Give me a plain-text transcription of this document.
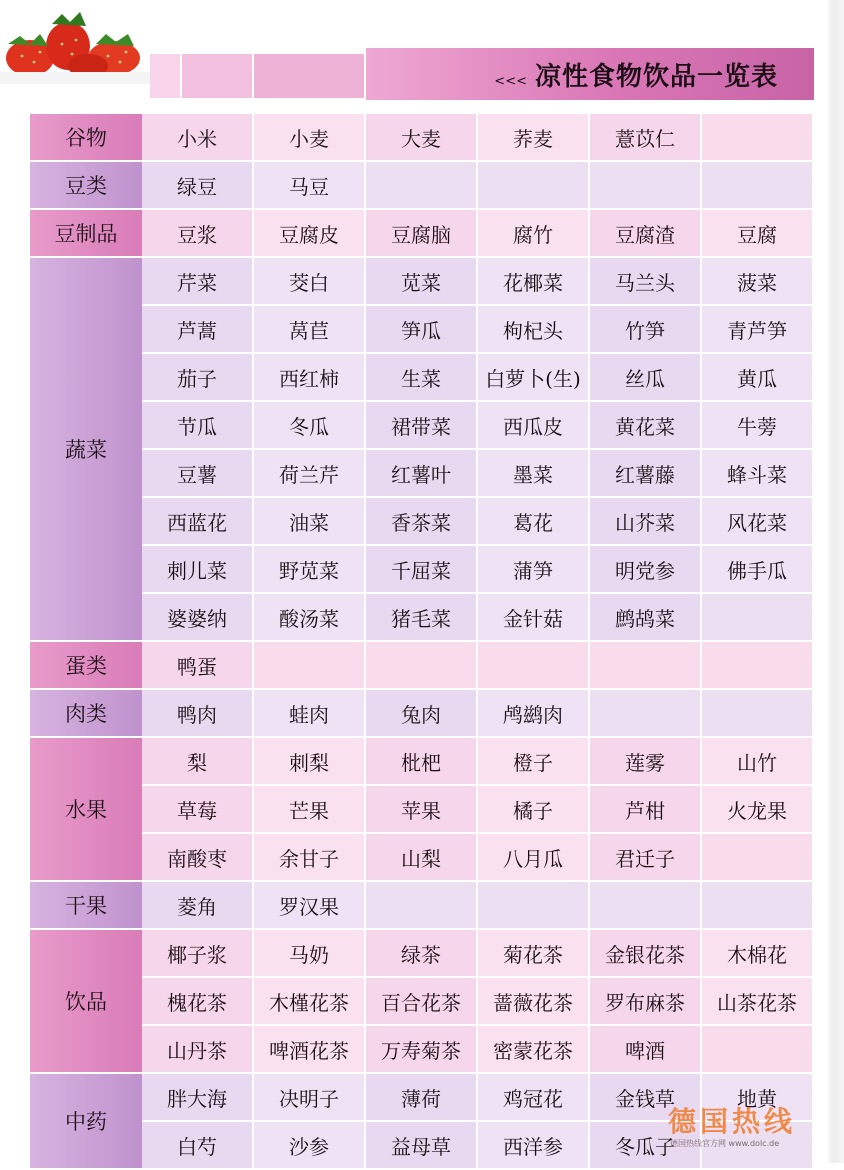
<<< 凉性食物饮品一览表
谷物	小米	小麦	大麦	荞麦	薏苡仁
豆类	绿豆	马豆
豆制品	豆浆	豆腐皮	豆腐脑	腐竹	豆腐渣	豆腐
蔬菜
芹菜	茭白	苋菜	花椰菜	马兰头	菠菜
芦蒿	莴苣	笋瓜	枸杞头	竹笋	青芦笋
茄子	西红柿	生菜	白萝卜(生)	丝瓜	黄瓜
节瓜	冬瓜	裙带菜	西瓜皮	黄花菜	牛蒡
豆薯	荷兰芹	红薯叶	墨菜	红薯藤	蜂斗菜
西蓝花	油菜	香茶菜	葛花	山芥菜	风花菜
刺儿菜	野苋菜	千屈菜	蒲笋	明党参	佛手瓜
婆婆纳	酸汤菜	猪毛菜	金针菇	鹧鸪菜
蛋类	鸭蛋
肉类	鸭肉	蛙肉	兔肉	鸬鹚肉
水果
梨	刺梨	枇杷	橙子	莲雾	山竹
草莓	芒果	苹果	橘子	芦柑	火龙果
南酸枣	余甘子	山梨	八月瓜	君迁子
干果	菱角	罗汉果
饮品
椰子浆	马奶	绿茶	菊花茶	金银花茶	木棉花
槐花茶	木槿花茶	百合花茶	蔷薇花茶	罗布麻茶	山茶花茶
山丹茶	啤酒花茶	万寿菊茶	密蒙花茶	啤酒
中药
胖大海	决明子	薄荷	鸡冠花	金钱草	地黄
白芍	沙参	益母草	西洋参	冬瓜子
德国热线
德国热线官方网 www.dolc.de
